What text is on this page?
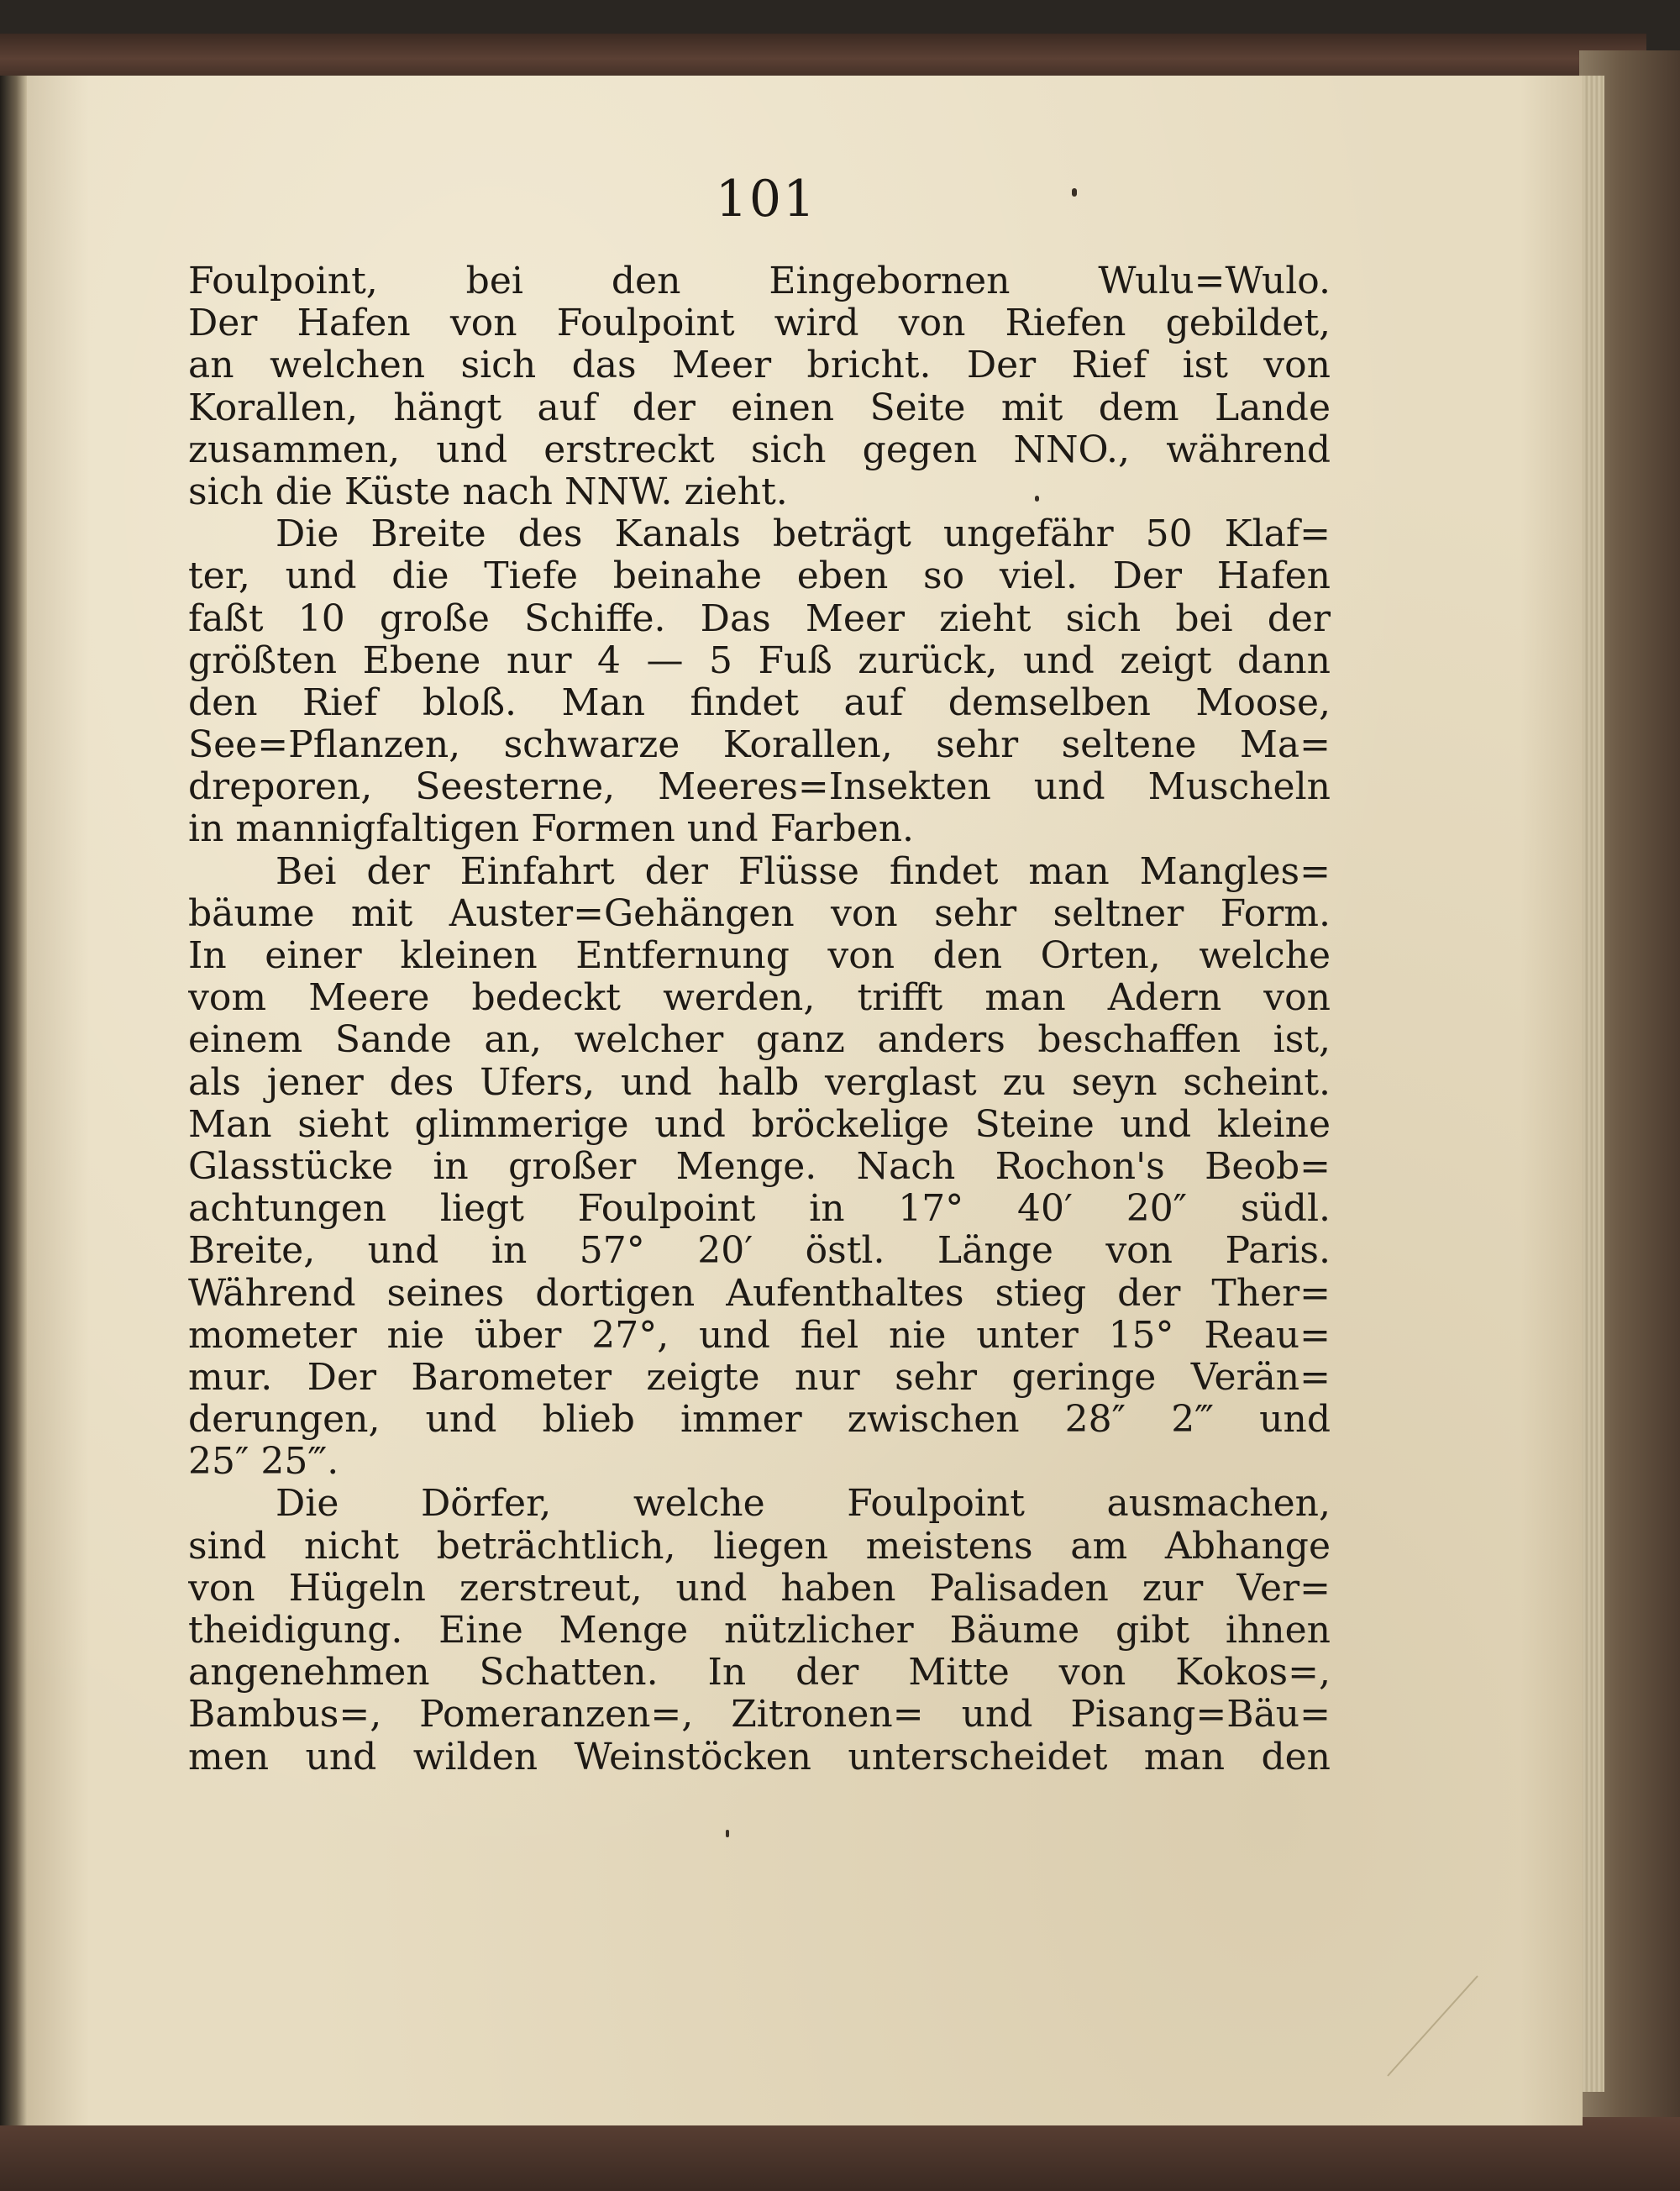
101
Foulpoint, bei den Eingebornen Wulu=Wulo.
Der Hafen von Foulpoint wird von Riefen gebildet,
an welchen sich das Meer bricht. Der Rief ist von
Korallen, hängt auf der einen Seite mit dem Lande
zusammen, und erstreckt sich gegen NNO., während
sich die Küste nach NNW. zieht.
Die Breite des Kanals beträgt ungefähr 50 Klaf=
ter, und die Tiefe beinahe eben so viel. Der Hafen
faßt 10 große Schiffe. Das Meer zieht sich bei der
größten Ebene nur 4 — 5 Fuß zurück, und zeigt dann
den Rief bloß. Man findet auf demselben Moose,
See=Pflanzen, schwarze Korallen, sehr seltene Ma=
dreporen, Seesterne, Meeres=Insekten und Muscheln
in mannigfaltigen Formen und Farben.
Bei der Einfahrt der Flüsse findet man Mangles=
bäume mit Auster=Gehängen von sehr seltner Form.
In einer kleinen Entfernung von den Orten, welche
vom Meere bedeckt werden, trifft man Adern von
einem Sande an, welcher ganz anders beschaffen ist,
als jener des Ufers, und halb verglast zu seyn scheint.
Man sieht glimmerige und bröckelige Steine und kleine
Glasstücke in großer Menge. Nach Rochon's Beob=
achtungen liegt Foulpoint in 17° 40′ 20″ südl.
Breite, und in 57° 20′ östl. Länge von Paris.
Während seines dortigen Aufenthaltes stieg der Ther=
mometer nie über 27°, und fiel nie unter 15° Reau=
mur. Der Barometer zeigte nur sehr geringe Verän=
derungen, und blieb immer zwischen 28″ 2‴ und
25″ 25‴.
Die Dörfer, welche Foulpoint ausmachen,
sind nicht beträchtlich, liegen meistens am Abhange
von Hügeln zerstreut, und haben Palisaden zur Ver=
theidigung. Eine Menge nützlicher Bäume gibt ihnen
angenehmen Schatten. In der Mitte von Kokos=,
Bambus=, Pomeranzen=, Zitronen= und Pisang=Bäu=
men und wilden Weinstöcken unterscheidet man den
